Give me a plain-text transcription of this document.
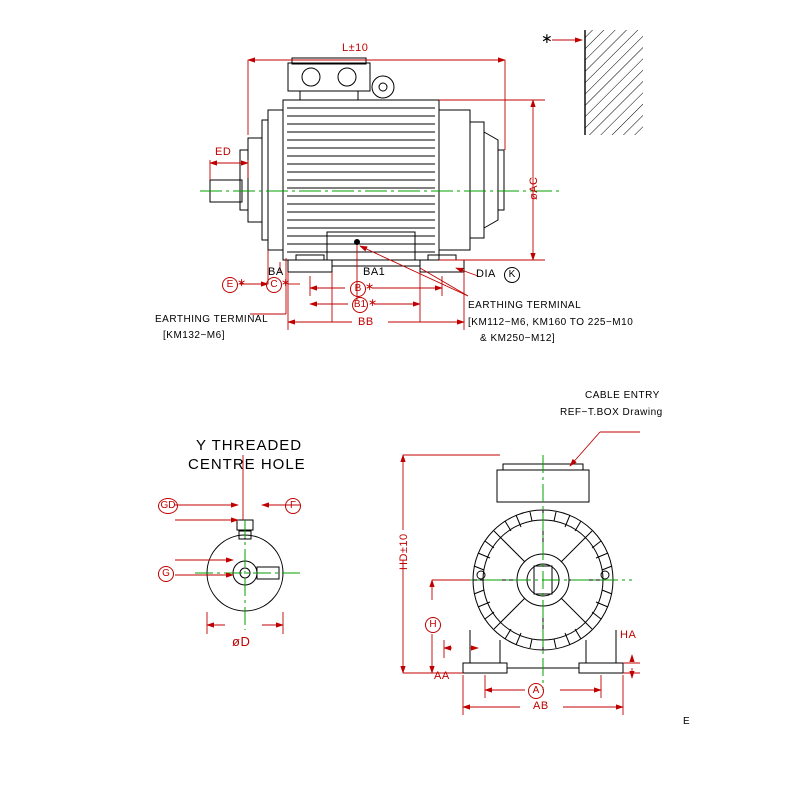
L±10
ED
øAC
∗
BA	BA1	DIA	K
E ∗	C ∗	B ∗
B1 ∗
BB
EARTHING TERMINAL
[KM132−M6]
EARTHING TERMINAL
[KM112−M6, KM160 TO 225−M10
& KM250−M12]
Y THREADED
CENTRE HOLE
GD	F
G
øD
CABLE ENTRY
REF−T.BOX Drawing
HD±10
H
HA
AA
A
AB
E
